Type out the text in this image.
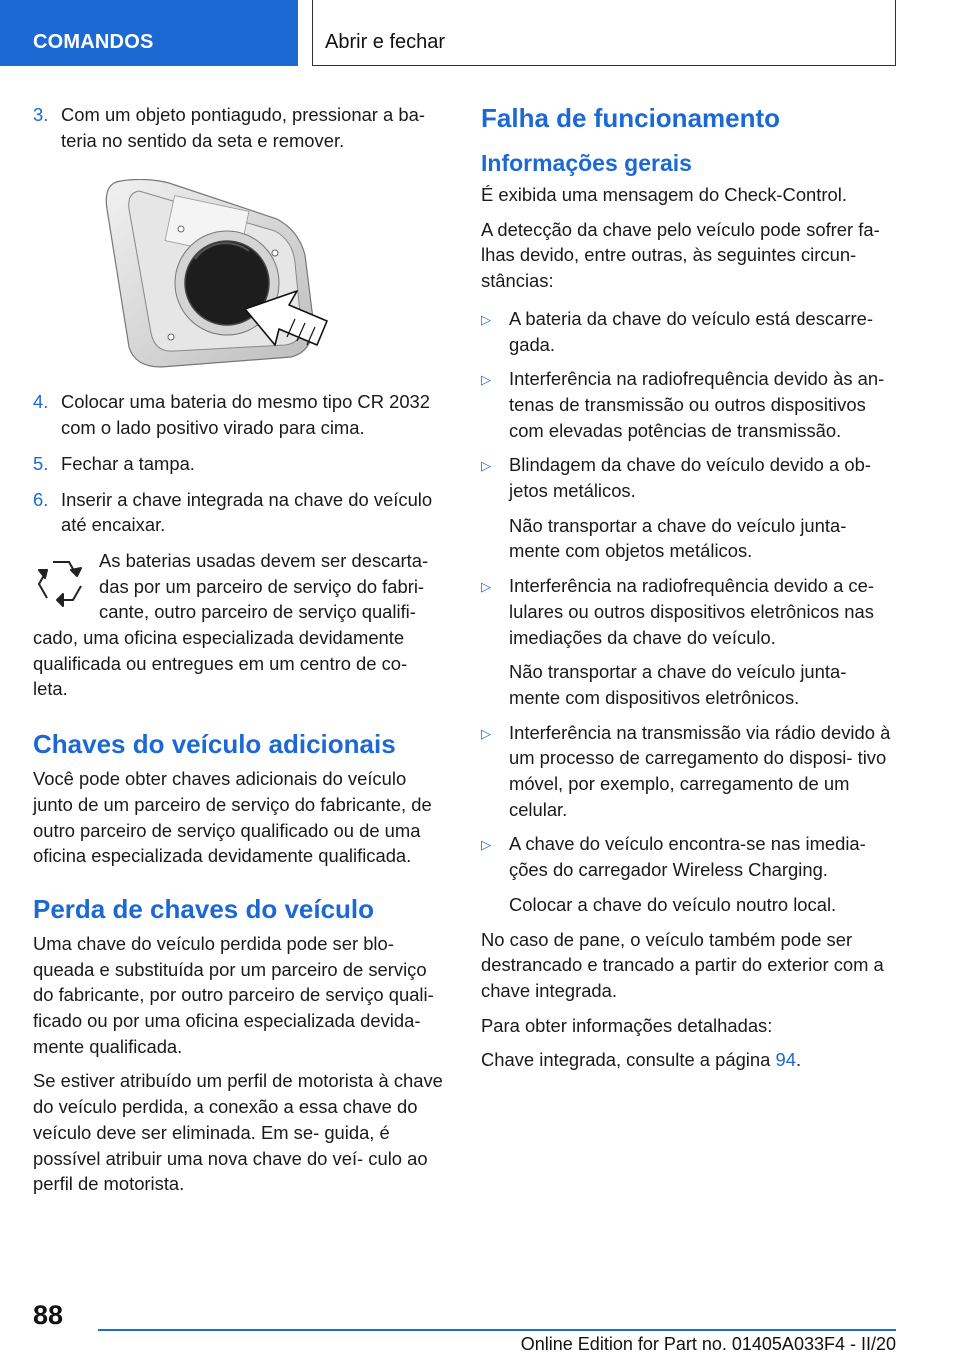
COMANDOS	Abrir e fechar
3. Com um objeto pontiagudo, pressionar a ba- teria no sentido da seta e remover.
4. Colocar uma bateria do mesmo tipo CR 2032 com o lado positivo virado para cima.
5. Fechar a tampa.
6. Inserir a chave integrada na chave do veículo até encaixar.

As baterias usadas devem ser descarta-

das por um parceiro de serviço do fabri-

cante, outro parceiro de serviço qualifi-

cado, uma oficina especializada devidamente qualificada ou entregues em um centro de co- leta.

Chaves do veículo adicionais

Você pode obter chaves adicionais do veículo junto de um parceiro de serviço do fabricante, de outro parceiro de serviço qualificado ou de uma oficina especializada devidamente qualificada.

Perda de chaves do veículo

Uma chave do veículo perdida pode ser blo- queada e substituída por um parceiro de serviço do fabricante, por outro parceiro de serviço quali- ficado ou por uma oficina especializada devida- mente qualificada.

Se estiver atribuído um perfil de motorista à chave do veículo perdida, a conexão a essa chave do veículo deve ser eliminada. Em se- guida, é possível atribuir uma nova chave do veí- culo ao perfil de motorista.

Falha de funcionamento
Informações gerais

É exibida uma mensagem do Check-Control.

A detecção da chave pelo veículo pode sofrer fa- lhas devido, entre outras, às seguintes circun- stâncias:

▷ A bateria da chave do veículo está descarre- gada.

▷ Interferência na radiofrequência devido às an- tenas de transmissão ou outros dispositivos com elevadas potências de transmissão.

▷ Blindagem da chave do veículo devido a ob- jetos metálicos.

Não transportar a chave do veículo junta- mente com objetos metálicos.

▷ Interferência na radiofrequência devido a ce- lulares ou outros dispositivos eletrônicos nas imediações da chave do veículo.

Não transportar a chave do veículo junta- mente com dispositivos eletrônicos.

▷ Interferência na transmissão via rádio devido à um processo de carregamento do disposi- tivo móvel, por exemplo, carregamento de um celular.

▷ A chave do veículo encontra-se nas imedia- ções do carregador Wireless Charging.

Colocar a chave do veículo noutro local.

No caso de pane, o veículo também pode ser destrancado e trancado a partir do exterior com a chave integrada.

Para obter informações detalhadas:

Chave integrada, consulte a página 94.

88
Online Edition for Part no. 01405A033F4 - II/20
